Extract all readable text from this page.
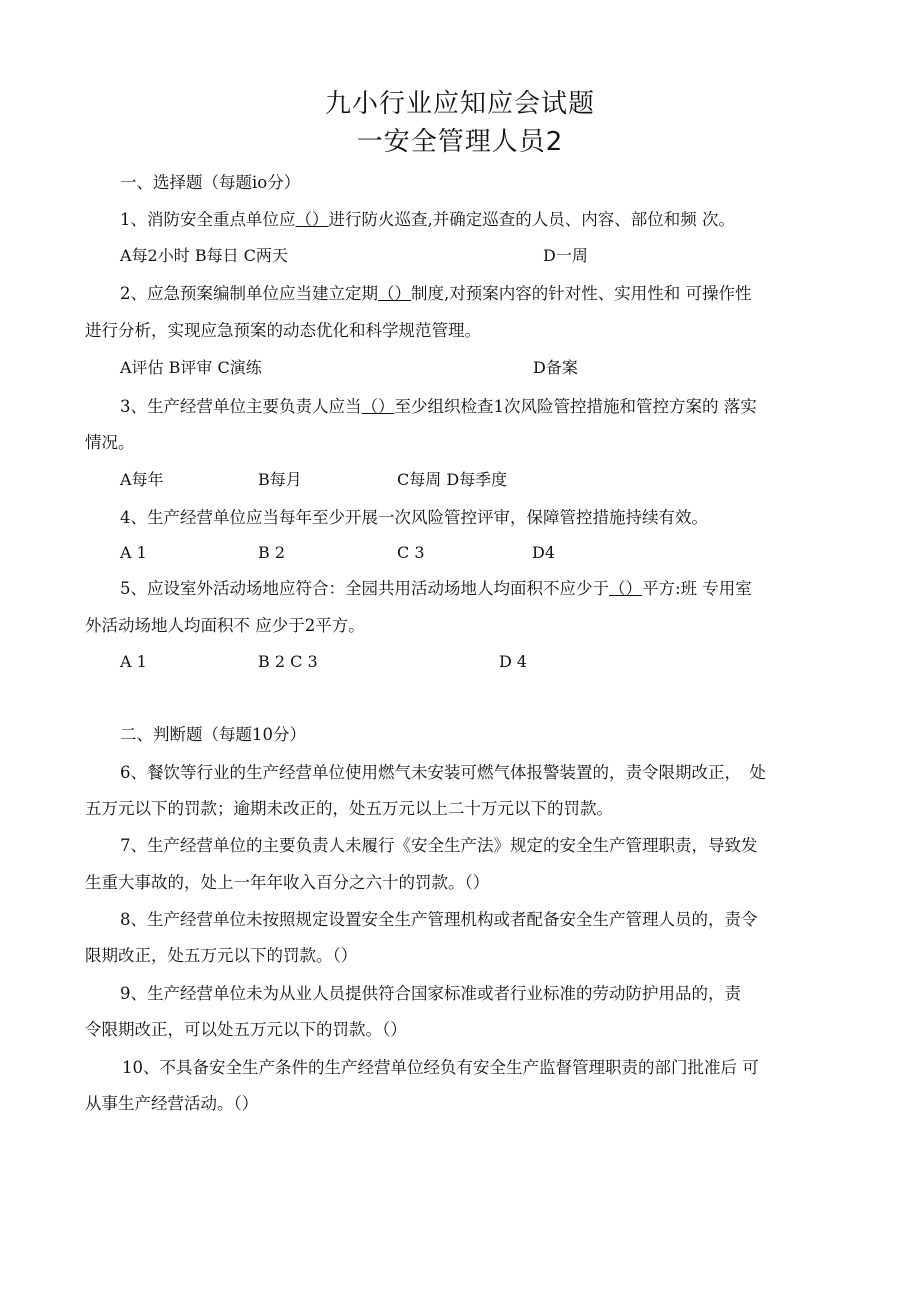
九小行业应知应会试题
一安全管理人员2
一、选择题（每题io分）
1、消防安全重点单位应（）进行防火巡查,并确定巡查的人员、内容、部位和频 次。
A每2小时 B每日 C两天	D一周
2、应急预案编制单位应当建立定期（）制度,对预案内容的针对性、实用性和 可操作性
进行分析，实现应急预案的动态优化和科学规范管理。
A评估 B评审 C演练	D备案
3、生产经营单位主要负责人应当（）至少组织检查1次风险管控措施和管控方案的 落实
情况。
A每年	B每月	C每周 D每季度
4、生产经营单位应当每年至少开展一次风险管控评审，保障管控措施持续有效。
A 1	B 2	C 3	D4
5、应设室外活动场地应符合：全园共用活动场地人均面积不应少于（）平方:班 专用室
外活动场地人均面积不 应少于2平方。
A 1	B 2 C 3	D 4
二、判断题（每题10分）
6、餐饮等行业的生产经营单位使用燃气未安装可燃气体报警装置的，责令限期改正，　处
五万元以下的罚款；逾期未改正的，处五万元以上二十万元以下的罚款。
7、生产经营单位的主要负责人未履行《安全生产法》规定的安全生产管理职责，导致发
生重大事故的，处上一年年收入百分之六十的罚款。（）
8、生产经营单位未按照规定设置安全生产管理机构或者配备安全生产管理人员的，责令
限期改正，处五万元以下的罚款。（）
9、生产经营单位未为从业人员提供符合国家标准或者行业标准的劳动防护用品的，责
令限期改正，可以处五万元以下的罚款。（）
10、不具备安全生产条件的生产经营单位经负有安全生产监督管理职责的部门批准后 可
从事生产经营活动。（）
